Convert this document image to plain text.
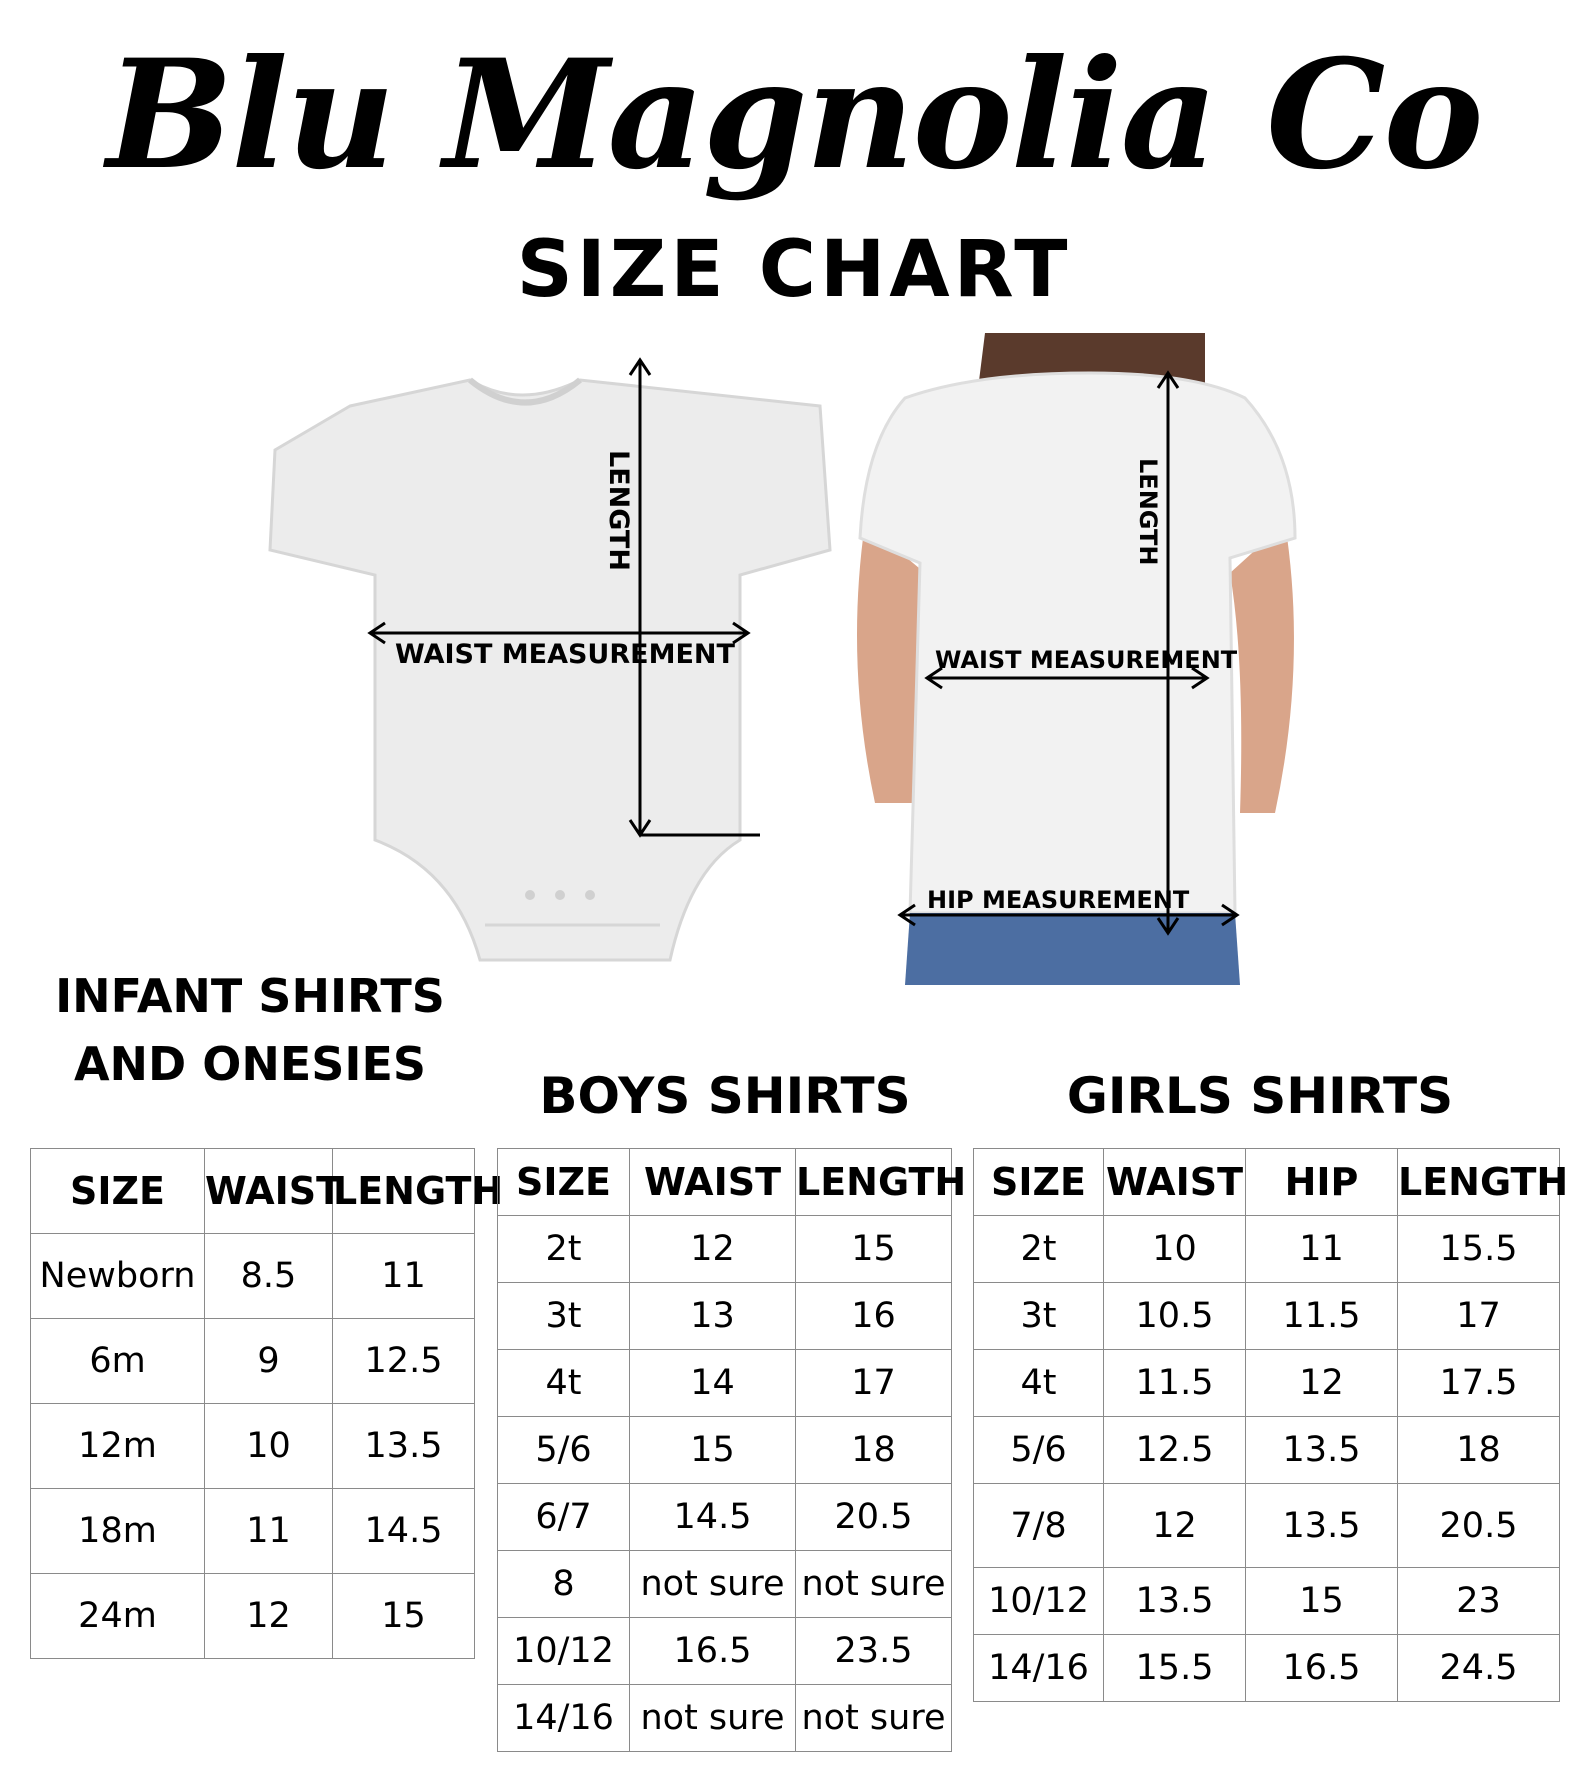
Blu Magnolia Co
SIZE CHART
LENGTH
WAIST MEASUREMENT
LENGTH
WAIST MEASUREMENT
HIP MEASUREMENT
INFANT SHIRTS
AND ONESIES
BOYS SHIRTS	GIRLS SHIRTS
SIZE	WAIST	LENGTH
Newborn	8.5	11
6m	9	12.5
12m	10	13.5
18m	11	14.5
24m	12	15
SIZE	WAIST	LENGTH
2t	12	15
3t	13	16
4t	14	17
5/6	15	18
6/7	14.5	20.5
8	not sure	not sure
10/12	16.5	23.5
14/16	not sure	not sure
SIZE	WAIST	HIP	LENGTH
2t	10	11	15.5
3t	10.5	11.5	17
4t	11.5	12	17.5
5/6	12.5	13.5	18
7/8	12	13.5	20.5
10/12	13.5	15	23
14/16	15.5	16.5	24.5
